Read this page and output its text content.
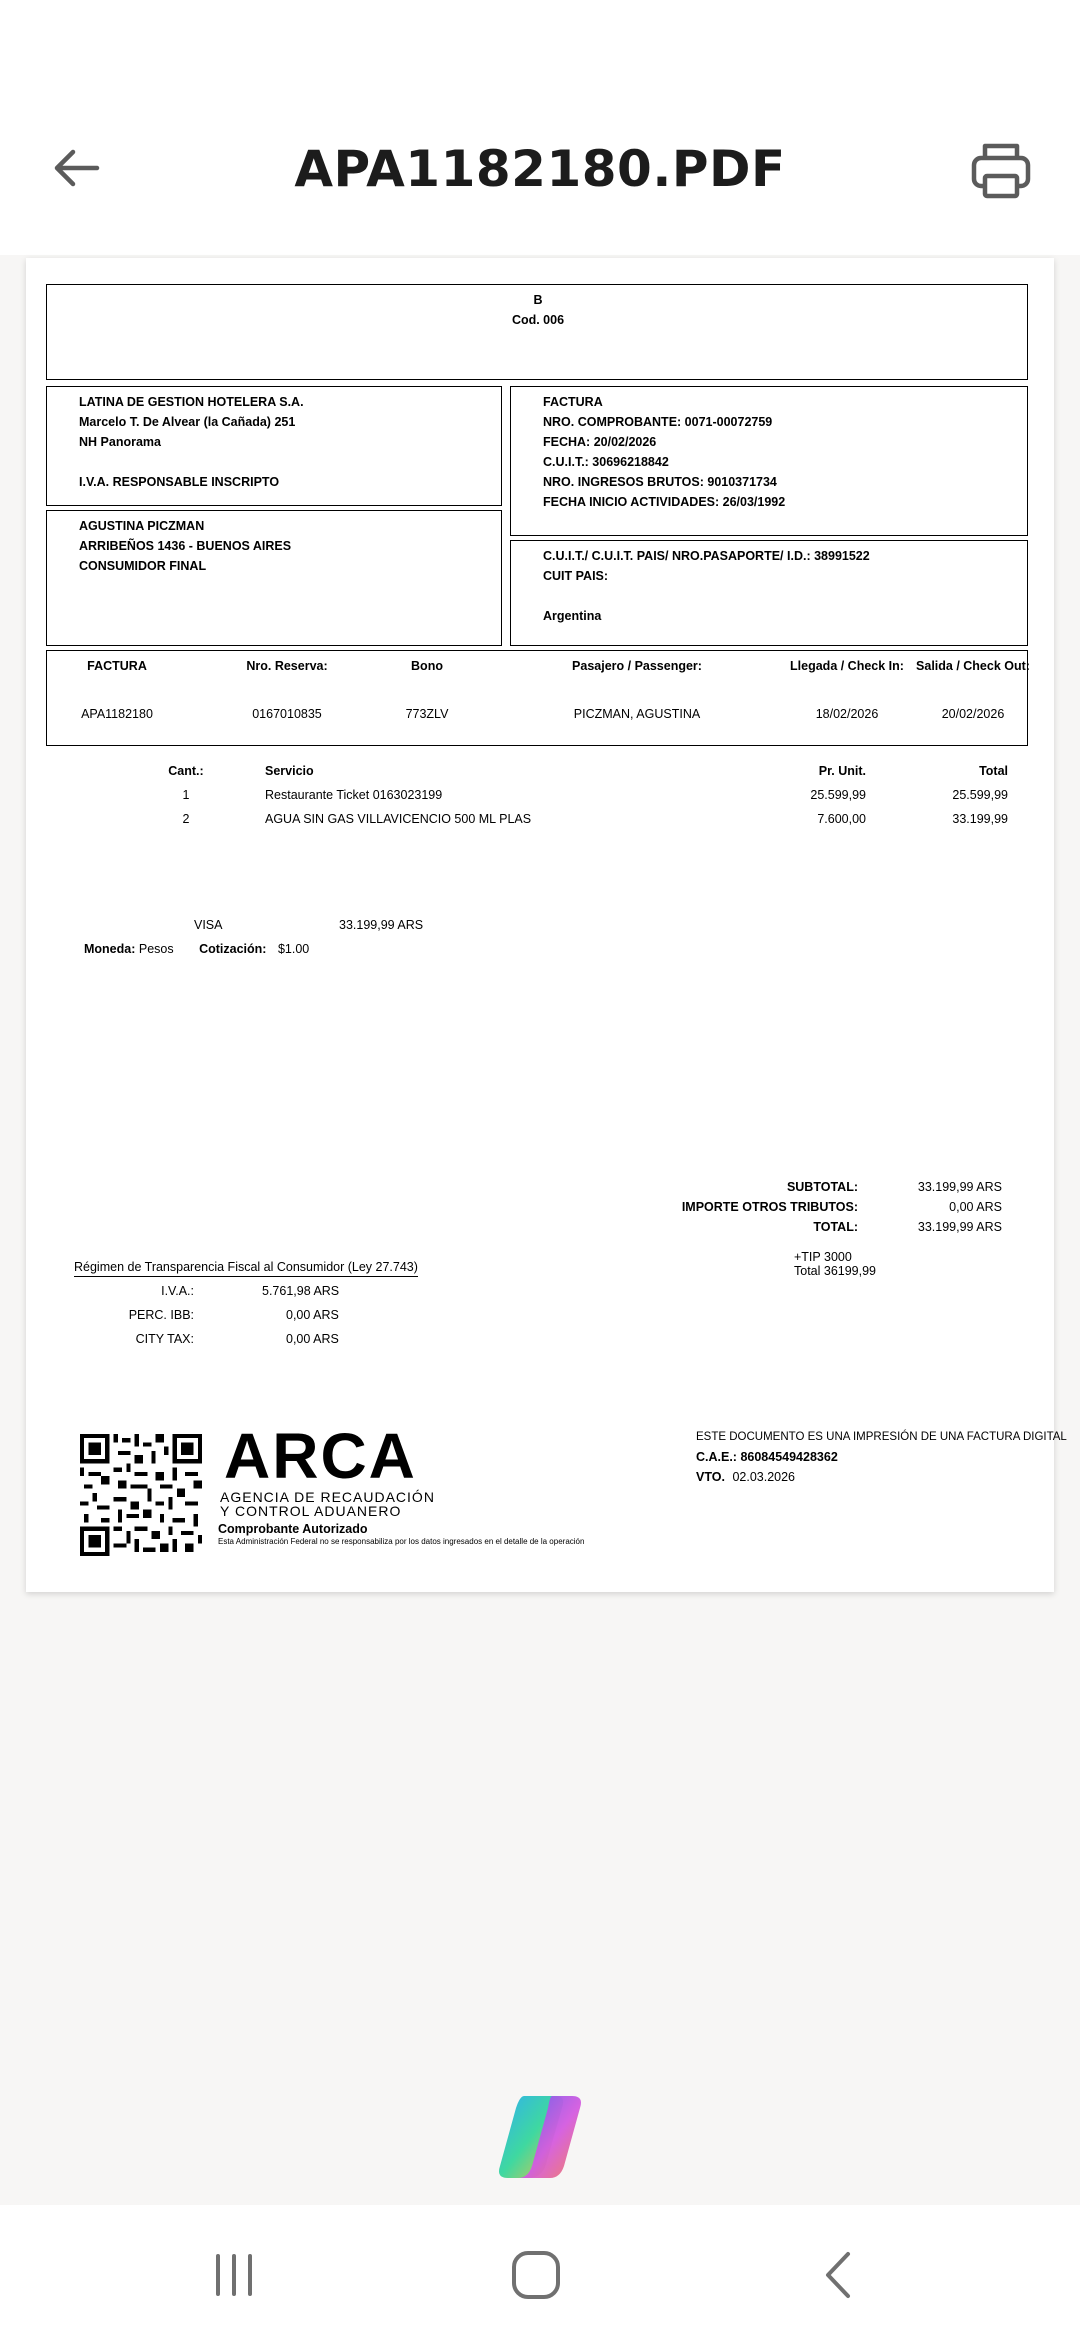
APA1182180.PDF
B
Cod. 006
LATINA DE GESTION HOTELERA S.A.
Marcelo T. De Alvear (la Cañada) 251
NH Panorama
I.V.A. RESPONSABLE INSCRIPTO
FACTURA
NRO. COMPROBANTE: 0071-00072759
FECHA: 20/02/2026
C.U.I.T.: 30696218842
NRO. INGRESOS BRUTOS: 9010371734
FECHA INICIO ACTIVIDADES: 26/03/1992
AGUSTINA PICZMAN
ARRIBEÑOS 1436 - BUENOS AIRES
CONSUMIDOR FINAL
C.U.I.T./ C.U.I.T. PAIS/ NRO.PASAPORTE/ I.D.: 38991522
CUIT PAIS:
Argentina
FACTURA	Nro. Reserva:	Bono	Pasajero / Passenger:	Llegada / Check In: Salida / Check Out:
APA1182180	0167010835	773ZLV	PICZMAN, AGUSTINA	18/02/2026	20/02/2026
Cant.:	Servicio	Pr. Unit.	Total
1	Restaurante Ticket 0163023199	25.599,99	25.599,99
2	AGUA SIN GAS VILLAVICENCIO 500 ML PLAS	7.600,00	33.199,99
VISA	33.199,99 ARS
Moneda: Pesos Cotización: $1.00
SUBTOTAL:	33.199,99 ARS
IMPORTE OTROS TRIBUTOS:	0,00 ARS
TOTAL:	33.199,99 ARS
+TIP 3000
Total 36199,99
Régimen de Transparencia Fiscal al Consumidor (Ley 27.743)
I.V.A.:	5.761,98 ARS
PERC. IBB:	0,00 ARS
CITY TAX:	0,00 ARS
ARCA
AGENCIA DE RECAUDACIÓN
Y CONTROL ADUANERO
Comprobante Autorizado
Esta Administración Federal no se responsabiliza por los datos ingresados en el detalle de la operación
ESTE DOCUMENTO ES UNA IMPRESIÓN DE UNA FACTURA DIGITAL
C.A.E.: 86084549428362
VTO. 02.03.2026
